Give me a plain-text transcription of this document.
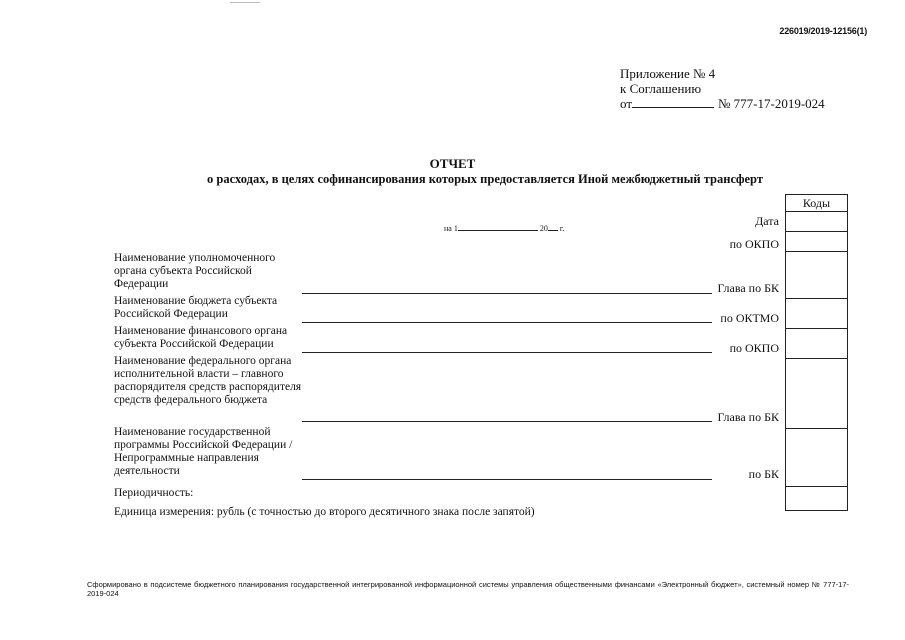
226019/2019-12156(1)
Приложение № 4
к Соглашению
от	№ 777-17-2019-024
ОТЧЕТ
о расходах, в целях софинансирования которых предоставляется Иной межбюджетный трансферт
на 1	20 г.
Коды
Дата
по ОКПО
Глава по БК
по ОКТМО
по ОКПО
Глава по БК
по БК
Наименование уполномоченного органа субъекта Российской Федерации
Наименование бюджета субъекта Российской Федерации
Наименование финансового органа субъекта Российской Федерации
Наименование федерального органа исполнительной власти – главного распорядителя средств распорядителя средств федерального бюджета
Наименование государственной программы Российской Федерации / Непрограммные направления деятельности
Периодичность:
Единица измерения: рубль (с точностью до второго десятичного знака после запятой)
Сформировано в подсистеме бюджетного планирования государственной интегрированной информационной системы управления общественными финансами «Электронный бюджет», системный номер № 777-17-2019-024
